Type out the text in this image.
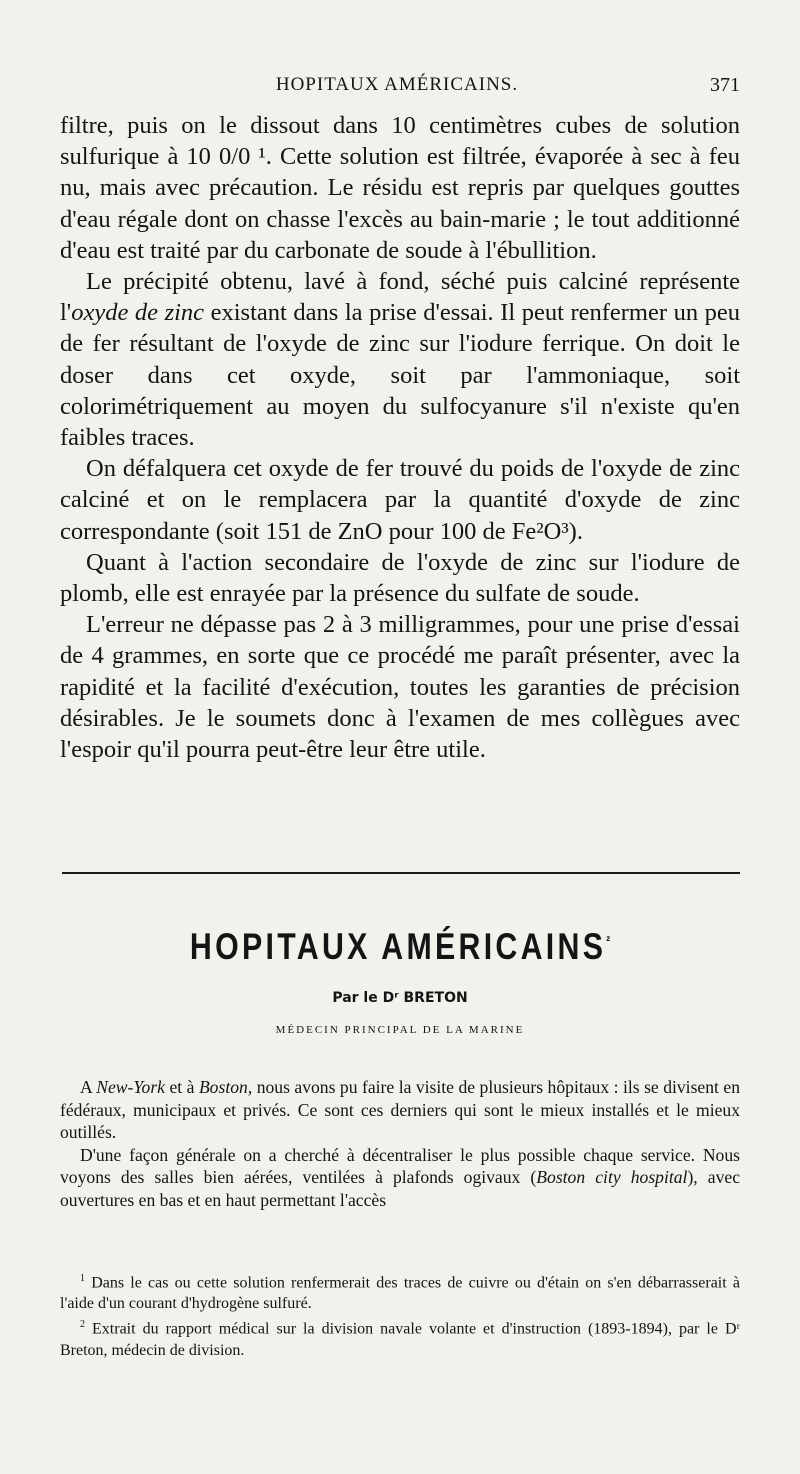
HOPITAUX AMÉRICAINS.	371

filtre, puis on le dissout dans 10 centimètres cubes de solution sulfurique à 10 0/0 ¹. Cette solution est filtrée, évaporée à sec à feu nu, mais avec précaution. Le résidu est repris par quelques gouttes d'eau régale dont on chasse l'excès au bain-marie ; le tout additionné d'eau est traité par du carbonate de soude à l'ébullition.

Le précipité obtenu, lavé à fond, séché puis calciné représente l'oxyde de zinc existant dans la prise d'essai. Il peut renfermer un peu de fer résultant de l'oxyde de zinc sur l'iodure ferrique. On doit le doser dans cet oxyde, soit par l'ammoniaque, soit colorimétriquement au moyen du sulfocyanure s'il n'existe qu'en faibles traces.

On défalquera cet oxyde de fer trouvé du poids de l'oxyde de zinc calciné et on le remplacera par la quantité d'oxyde de zinc correspondante (soit 151 de ZnO pour 100 de Fe²O³).

Quant à l'action secondaire de l'oxyde de zinc sur l'iodure de plomb, elle est enrayée par la présence du sulfate de soude.

L'erreur ne dépasse pas 2 à 3 milligrammes, pour une prise d'essai de 4 grammes, en sorte que ce procédé me paraît présenter, avec la rapidité et la facilité d'exécution, toutes les garanties de précision désirables. Je le soumets donc à l'examen de mes collègues avec l'espoir qu'il pourra peut-être leur être utile.

HOPITAUX $AMÉRICAINS^{^2}$
Par le Dʳ BRETON
MÉDECIN PRINCIPAL DE LA MARINE

A New-York et à Boston, nous avons pu faire la visite de plusieurs hôpitaux : ils se divisent en fédéraux, municipaux et privés. Ce sont ces derniers qui sont le mieux installés et le mieux outillés.

D'une façon générale on a cherché à décentraliser le plus possible chaque service. Nous voyons des salles bien aérées, ventilées à plafonds ogivaux (Boston city hospital), avec ouvertures en bas et en haut permettant l'accès

$^1$ Dans le cas ou cette solution renfermerait des traces de cuivre ou d'étain on s'en débarrasserait à l'aide d'un courant d'hydrogène sulfuré.

$^2$ Extrait du rapport médical sur la division navale volante et d'instruction (1893-1894), par le Dʳ Breton, médecin de division.
